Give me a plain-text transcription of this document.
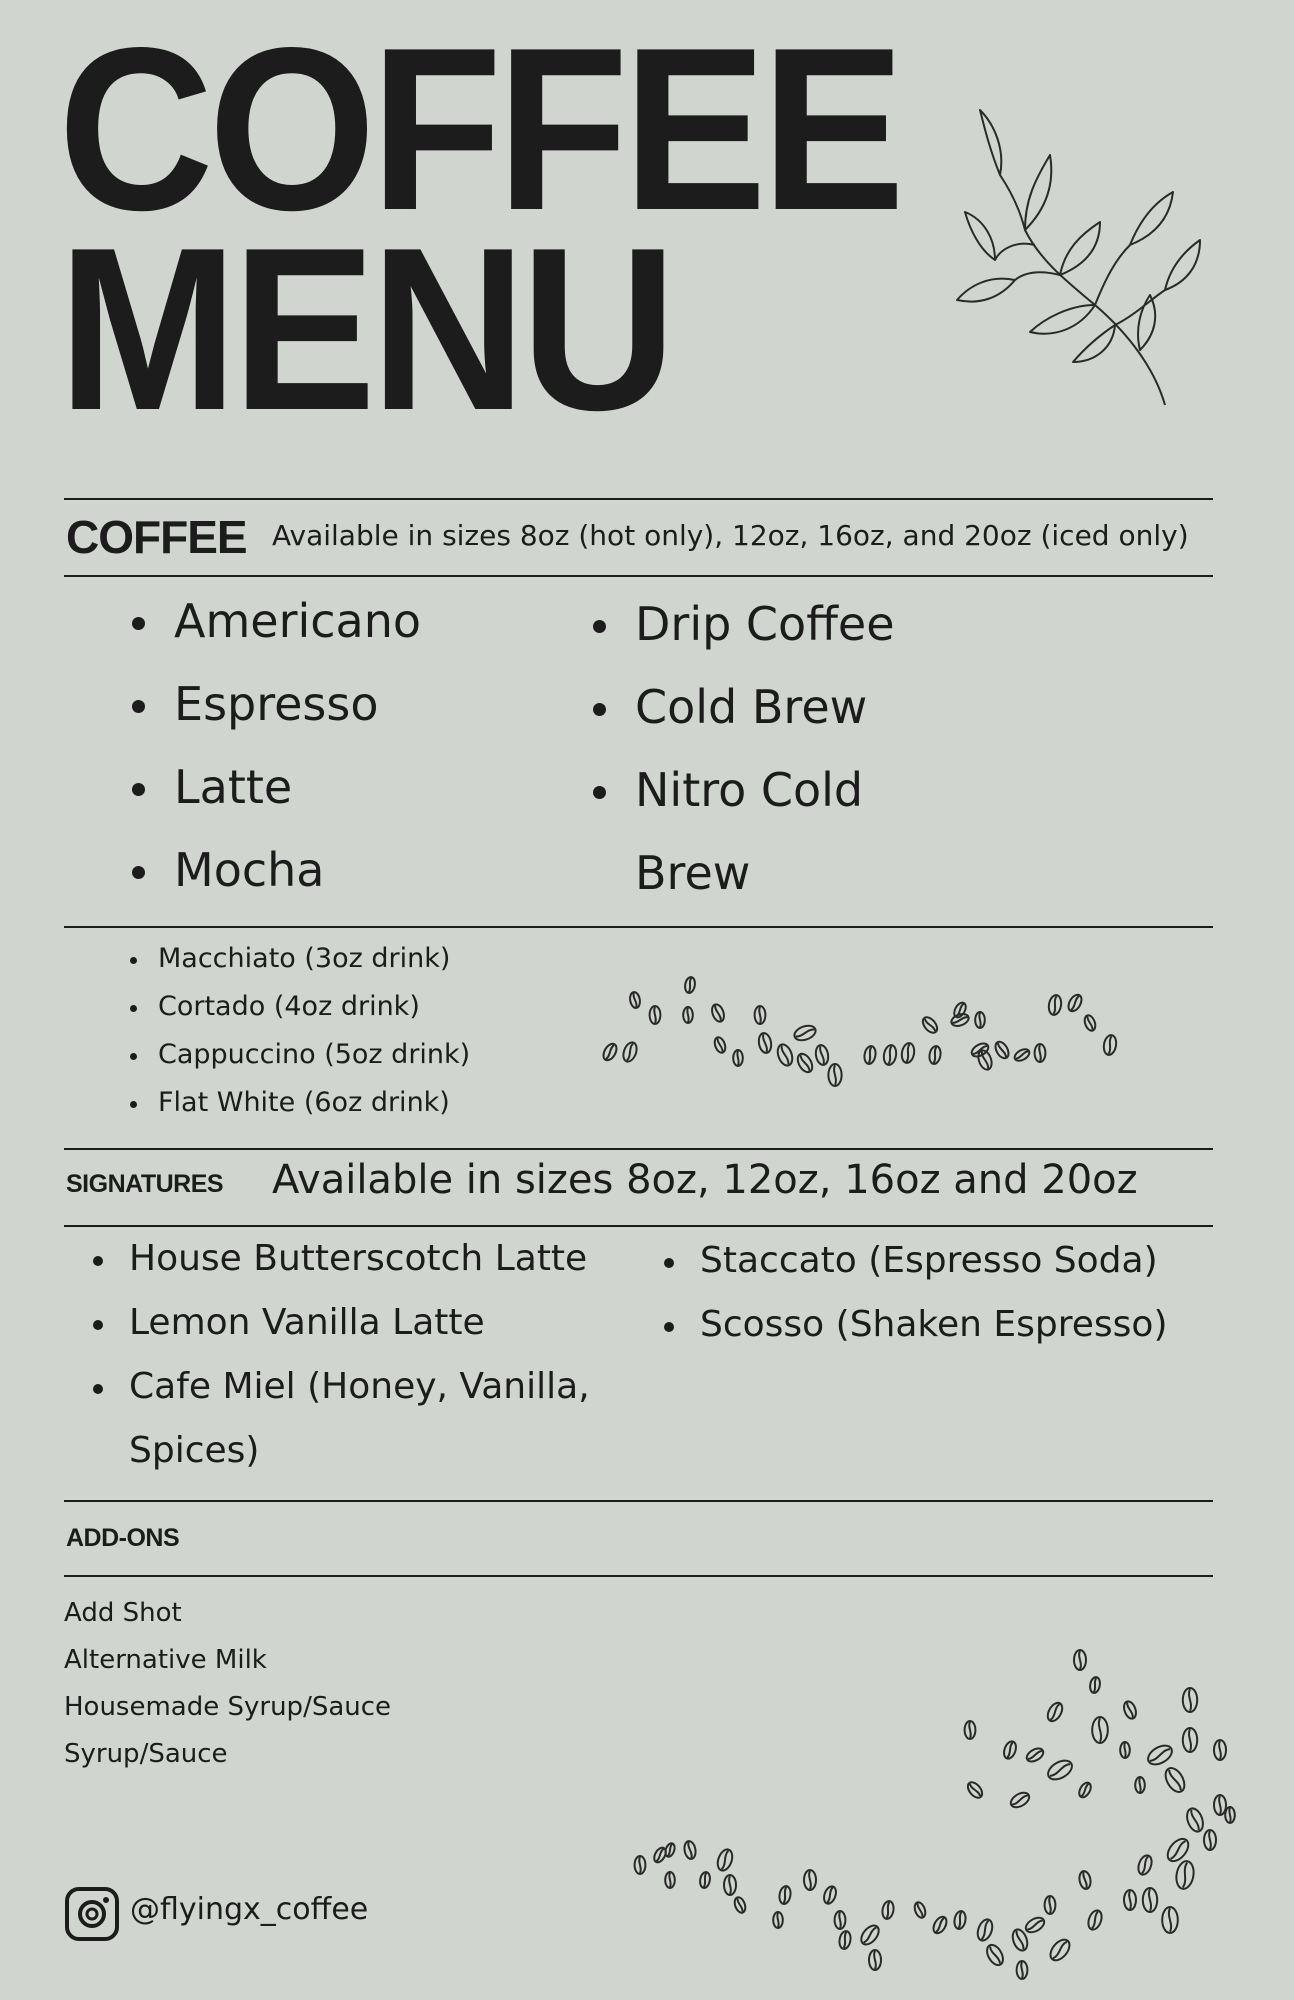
COFFEE
MENU
COFFEE Available in sizes 8oz (hot only), 12oz, 16oz, and 20oz (iced only)
Americano
Espresso
Latte
Mocha
Drip Coffee
Cold Brew
Nitro Cold
Brew
Macchiato (3oz drink)
Cortado (4oz drink)
Cappuccino (5oz drink)
Flat White (6oz drink)
SIGNATURES Available in sizes 8oz, 12oz, 16oz and 20oz
House Butterscotch Latte
Lemon Vanilla Latte
Cafe Miel (Honey, Vanilla,
Spices)
Staccato (Espresso Soda)
Scosso (Shaken Espresso)
ADD-ONS
Add Shot
Alternative Milk
Housemade Syrup/Sauce
Syrup/Sauce
@flyingx_coffee
